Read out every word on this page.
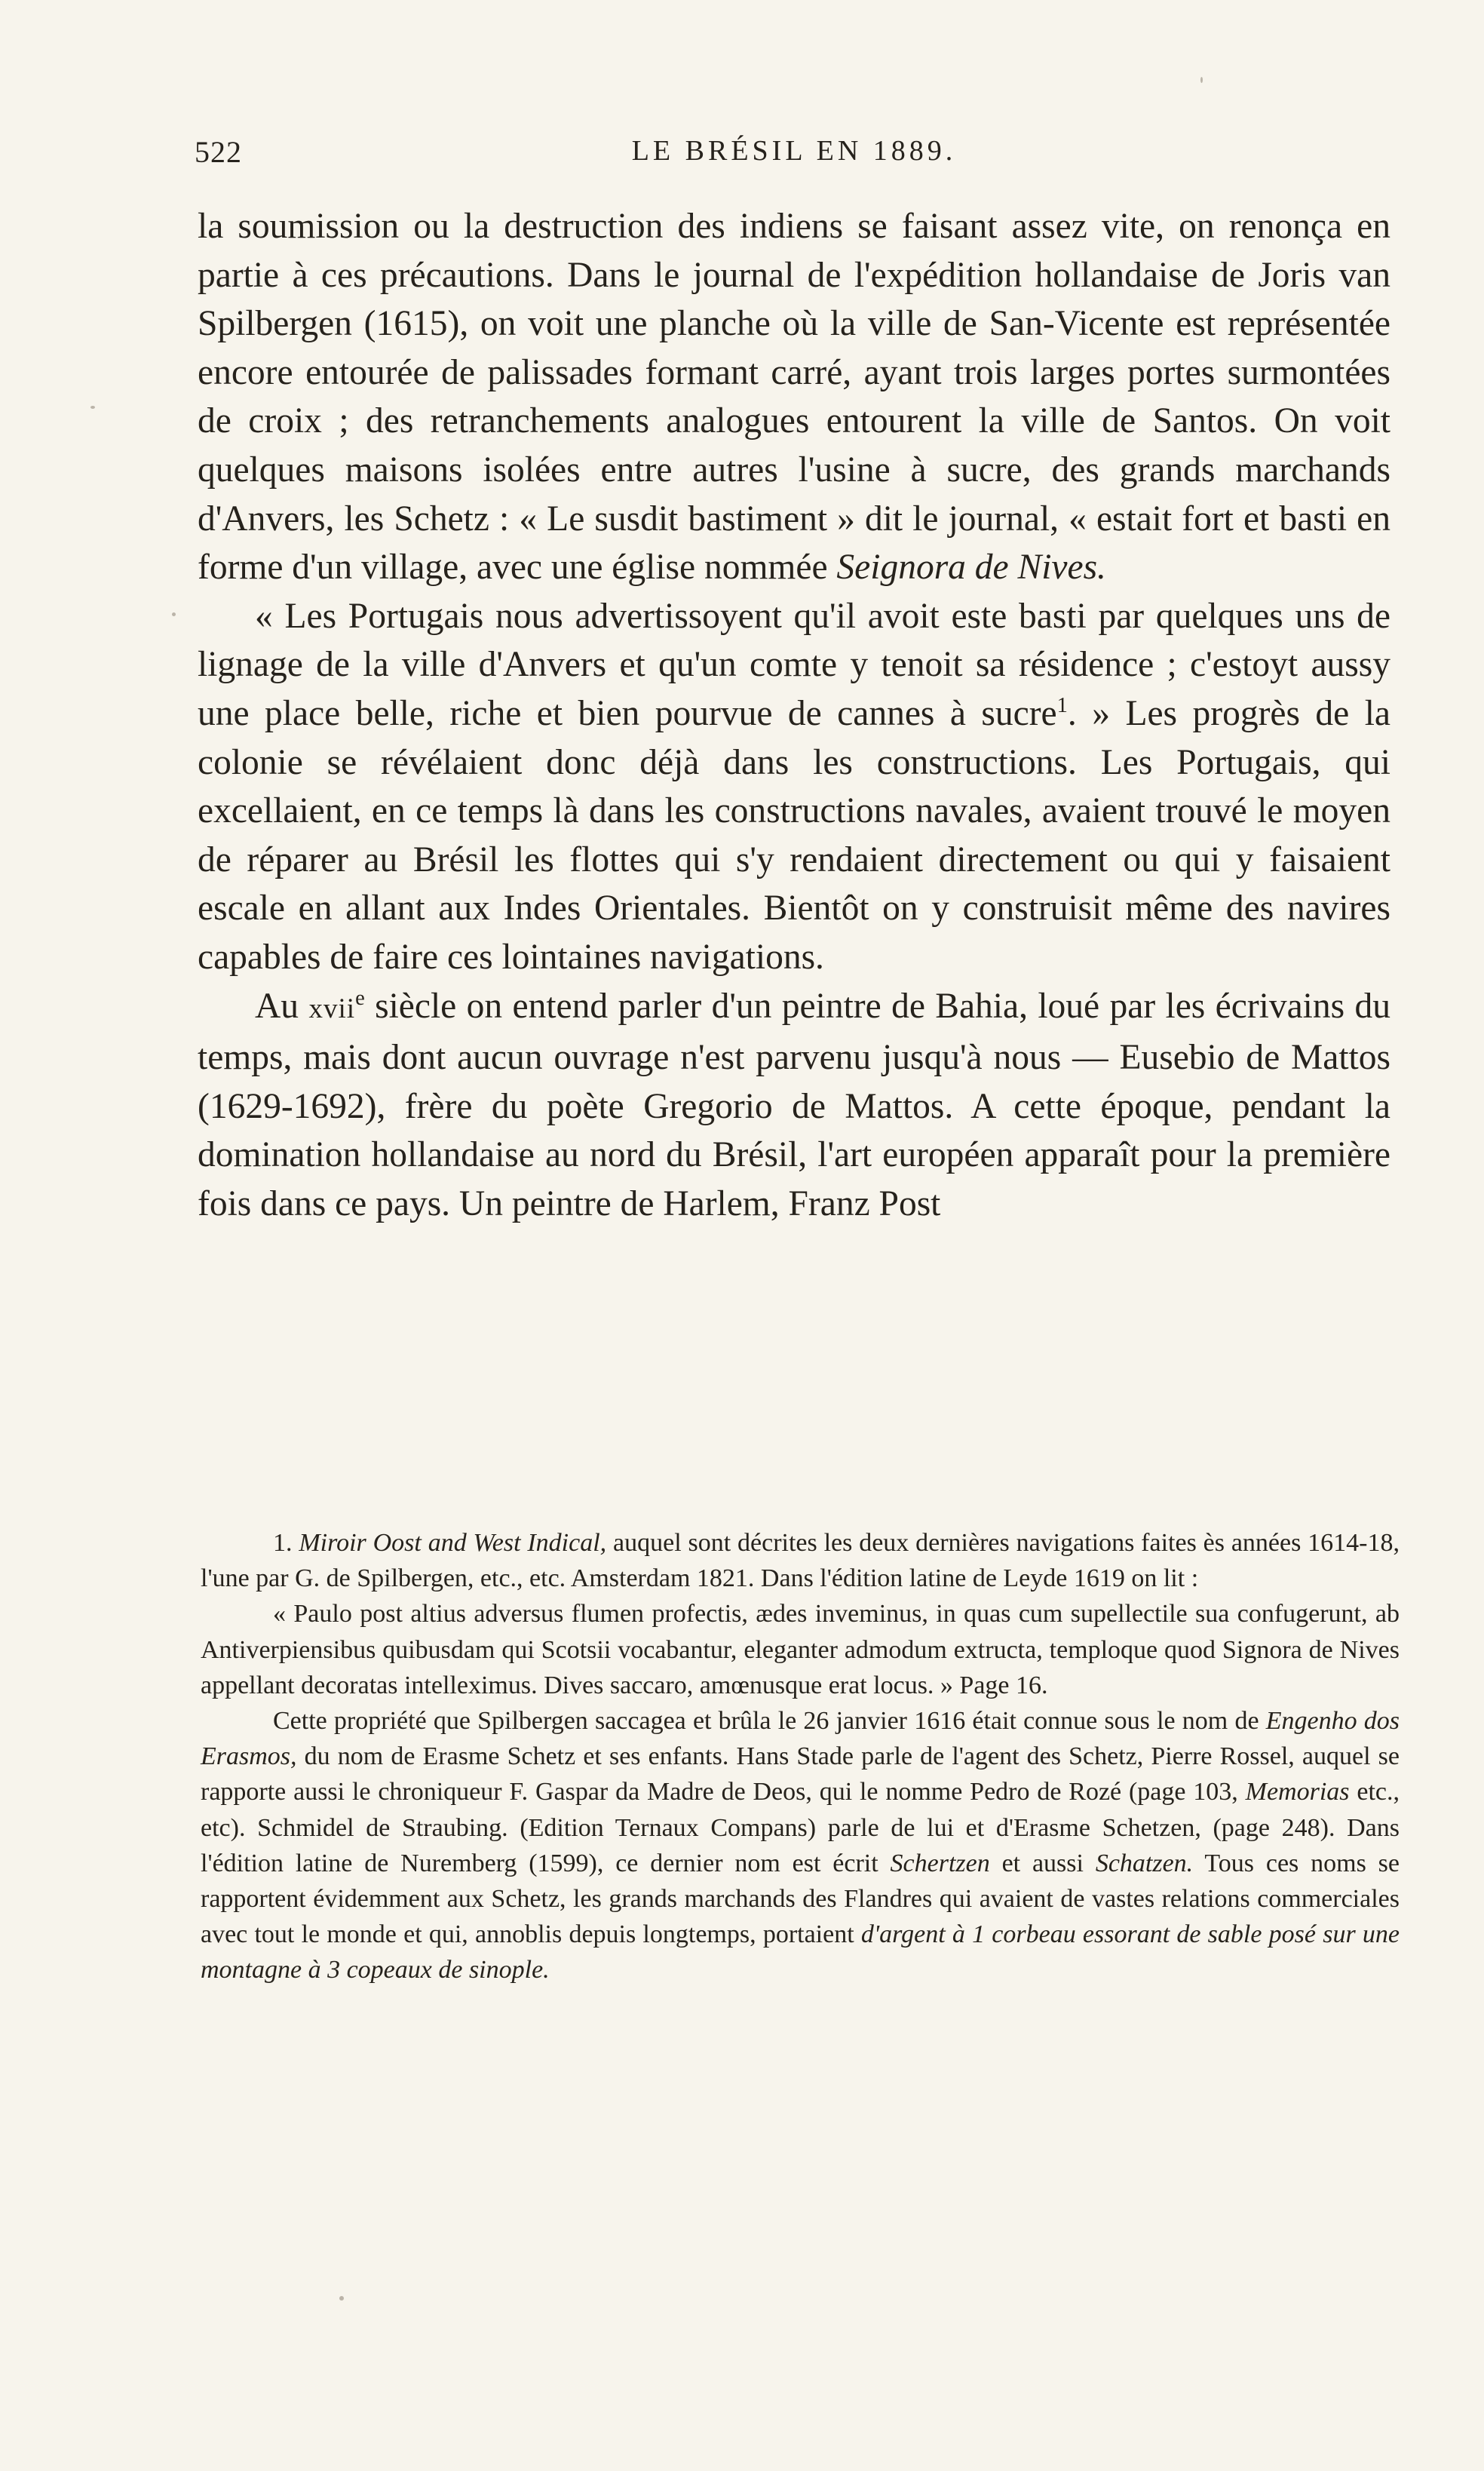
522	LE BRÉSIL EN 1889.

la soumission ou la destruction des indiens se faisant assez vite, on renonça en partie à ces précautions. Dans le journal de l'expédition hollandaise de Joris van Spilbergen (1615), on voit une planche où la ville de San-Vicente est représentée encore entourée de palissades formant carré, ayant trois larges portes surmontées de croix ; des retranchements analogues entourent la ville de Santos. On voit quelques maisons isolées entre autres l'usine à sucre, des grands marchands d'Anvers, les Schetz : « Le susdit bastiment » dit le journal, « estait fort et basti en forme d'un village, avec une église nommée Seignora de Nives.

« Les Portugais nous advertissoyent qu'il avoit este basti par quelques uns de lignage de la ville d'Anvers et qu'un comte y tenoit sa résidence ; c'estoyt aussy une place belle, riche et bien pourvue de cannes à sucre$^1$. » Les progrès de la colonie se révélaient donc déjà dans les constructions. Les Portugais, qui excellaient, en ce temps là dans les constructions navales, avaient trouvé le moyen de réparer au Brésil les flottes qui s'y rendaient directement ou qui y faisaient escale en allant aux Indes Orientales. Bientôt on y construisit même des navires capables de faire ces lointaines navigations.

Au xvii$^e$ siècle on entend parler d'un peintre de Bahia, loué par les écrivains du temps, mais dont aucun ouvrage n'est parvenu jusqu'à nous — Eusebio de Mattos (1629-1692), frère du poète Gregorio de Mattos. A cette époque, pendant la domination hollandaise au nord du Brésil, l'art européen apparaît pour la première fois dans ce pays. Un peintre de Harlem, Franz Post

1. Miroir Oost and West Indical, auquel sont décrites les deux dernières navigations faites ès années 1614-18, l'une par G. de Spilbergen, etc., etc. Amsterdam 1821. Dans l'édition latine de Leyde 1619 on lit :

« Paulo post altius adversus flumen profectis, ædes inveminus, in quas cum supellectile sua confugerunt, ab Antiverpiensibus quibusdam qui Scotsii vocabantur, eleganter admodum extructa, temploque quod Signora de Nives appellant decoratas intelleximus. Dives saccaro, amœnusque erat locus. » Page 16.

Cette propriété que Spilbergen saccagea et brûla le 26 janvier 1616 était connue sous le nom de Engenho dos Erasmos, du nom de Erasme Schetz et ses enfants. Hans Stade parle de l'agent des Schetz, Pierre Rossel, auquel se rapporte aussi le chroniqueur F. Gaspar da Madre de Deos, qui le nomme Pedro de Rozé (page 103, Memorias etc., etc). Schmidel de Straubing. (Edition Ternaux Compans) parle de lui et d'Erasme Schetzen, (page 248). Dans l'édition latine de Nuremberg (1599), ce dernier nom est écrit Schertzen et aussi Schatzen. Tous ces noms se rapportent évidemment aux Schetz, les grands marchands des Flandres qui avaient de vastes relations commerciales avec tout le monde et qui, annoblis depuis longtemps, portaient d'argent à 1 corbeau essorant de sable posé sur une montagne à 3 copeaux de sinople.
